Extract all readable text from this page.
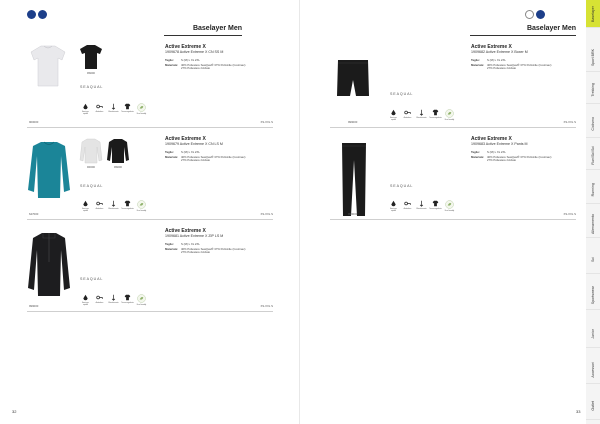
Baselayer Men
999000
SEAQUAL
Asciuga rapido
Antiodore	Elasticizzato Termoregolante
Eco friendly
900000	XS-XXL S
Active Extreme X
1909678 Active Extreme X CN SS M
Taglie:	S (M) L XL 2XL
Materiale:	40% Poliestere SeaQual® 37% Polivinile (Coolmax)
27% Poliestere riciclato
900000	999000
SEAQUAL
Asciuga rapido
Antiodore	Elasticizzato Termoregolante
Eco friendly
647000	XS-XXL S
Active Extreme X
1909679 Active Extreme X CN LS M
Taglie:	S (M) L XL 2XL
Materiale:	40% Poliestere SeaQual® 37% Polivinile (Coolmax)
27% Poliestere riciclato
SEAQUAL
Asciuga rapido
Antiodore	Elasticizzato Termoregolante
Eco friendly
999000	XS-XXL S
Active Extreme X
1909681 Active Extreme X ZIP LS M
Taglie:	S (M) L XL 2XL
Materiale:	40% Poliestere SeaQual® 37% Polivinile (Coolmax)
27% Poliestere riciclato
32
Baselayer Men
SEAQUAL
Asciuga rapido
Antiodore	Elasticizzato Termoregolante
Eco friendly
999000	XS-XXL S
Active Extreme X
1909682 Active Extreme X Boxer M
Taglie:	S (M) L XL 2XL
Materiale:	40% Poliestere SeaQual® 37% Polivinile (Coolmax)
27% Poliestere riciclato
SEAQUAL
Asciuga rapido
Antiodore	Elasticizzato Termoregolante
Eco friendly
999000	XS-XXL S
Active Extreme X
1909683 Active Extreme X Pants M
Taglie:	S (M) L XL 2XL
Materiale:	40% Poliestere SeaQual® 37% Polivinile (Coolmax)
27% Poliestere riciclato
33
Baselayer
Sport BRK
Trekking
Ciclismo
Run/Ski/Sci
Running
Allenamento
Sci
Sportswear
Junior
Accessori
Outlet
